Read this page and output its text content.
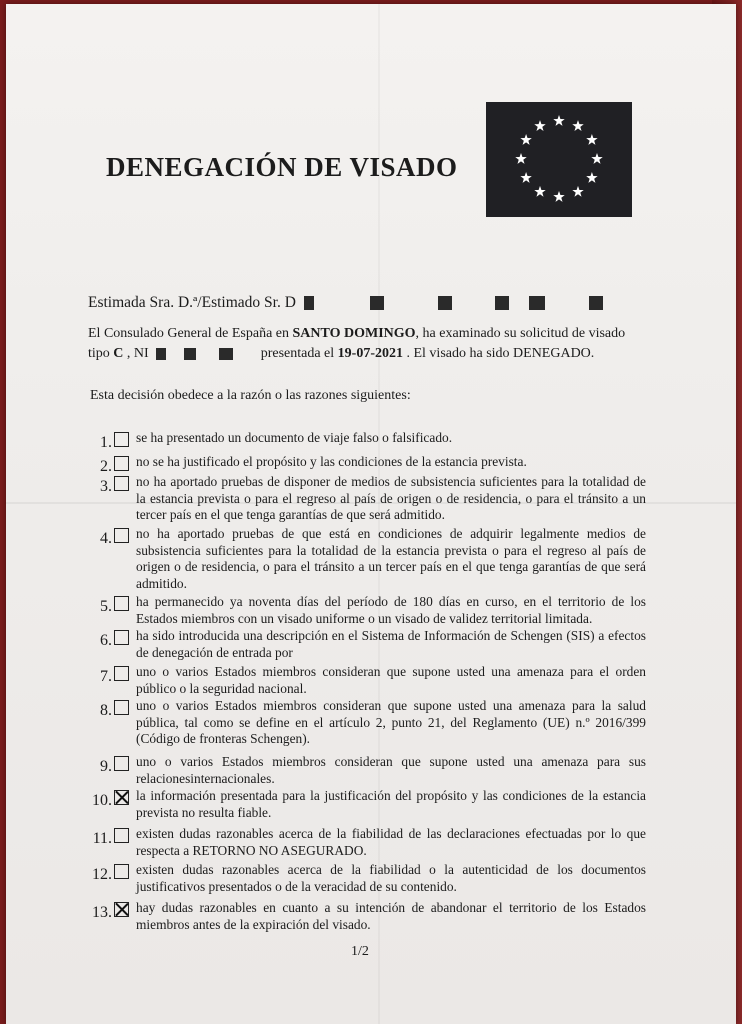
DENEGACIÓN DE VISADO
Estimada Sra. D.ª/Estimado Sr. D
El Consulado General de España en SANTO DOMINGO, ha examinado su solicitud de visado
tipo C , NI	presentada el 19-07-2021 . El visado ha sido DENEGADO.
Esta decisión obedece a la razón o las razones siguientes:
1. se ha presentado un documento de viaje falso o falsificado.
2. no se ha justificado el propósito y las condiciones de la estancia prevista.
3. no ha aportado pruebas de disponer de medios de subsistencia suficientes para la totalidad de la estancia prevista o para el regreso al país de origen o de residencia, o para el tránsito a un tercer país en el que tenga garantías de que será admitido.
4. no ha aportado pruebas de que está en condiciones de adquirir legalmente medios de subsistencia suficientes para la totalidad de la estancia prevista o para el regreso al país de origen o de residencia, o para el tránsito a un tercer país en el que tenga garantías de que será admitido.
5. ha permanecido ya noventa días del período de 180 días en curso, en el territorio de los Estados miembros con un visado uniforme o un visado de validez territorial limitada.
6. ha sido introducida una descripción en el Sistema de Información de Schengen (SIS) a efectos de denegación de entrada por
7. uno o varios Estados miembros consideran que supone usted una amenaza para el orden público o la seguridad nacional.
8. uno o varios Estados miembros consideran que supone usted una amenaza para la salud pública, tal como se define en el artículo 2, punto 21, del Reglamento (UE) n.º 2016/399 (Código de fronteras Schengen).
9. uno o varios Estados miembros consideran que supone usted una amenaza para sus relacionesinternacionales.
10. la información presentada para la justificación del propósito y las condiciones de la estancia prevista no resulta fiable.
11. existen dudas razonables acerca de la fiabilidad de las declaraciones efectuadas por lo que respecta a RETORNO NO ASEGURADO.
12. existen dudas razonables acerca de la fiabilidad o la autenticidad de los documentos justificativos presentados o de la veracidad de su contenido.
13. hay dudas razonables en cuanto a su intención de abandonar el territorio de los Estados miembros antes de la expiración del visado.
1/2
